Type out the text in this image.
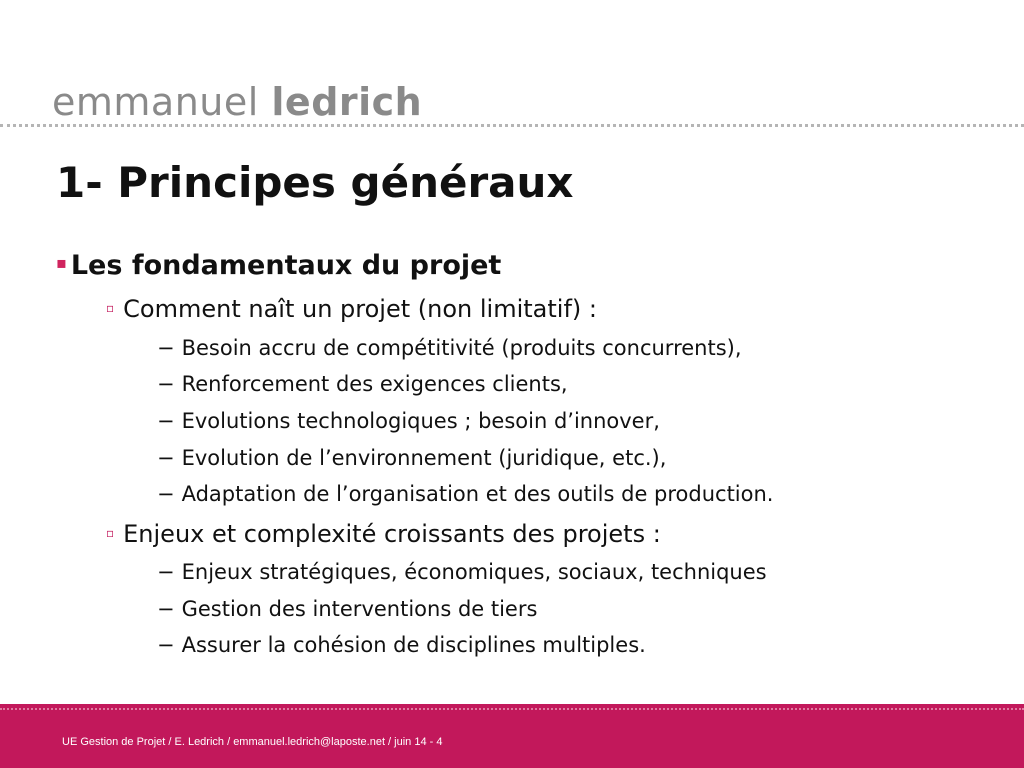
emmanuel ledrich
1- Principes généraux
▪ Les fondamentaux du projet
▫ Comment naît un projet (non limitatif) :
− Besoin accru de compétitivité (produits concurrents),
− Renforcement des exigences clients,
− Evolutions technologiques ; besoin d’innover,
− Evolution de l’environnement (juridique, etc.),
− Adaptation de l’organisation et des outils de production.
▫ Enjeux et complexité croissants des projets :
− Enjeux stratégiques, économiques, sociaux, techniques
− Gestion des interventions de tiers
− Assurer la cohésion de disciplines multiples.
UE Gestion de Projet / E. Ledrich / emmanuel.ledrich@laposte.net / juin 14 - 4
